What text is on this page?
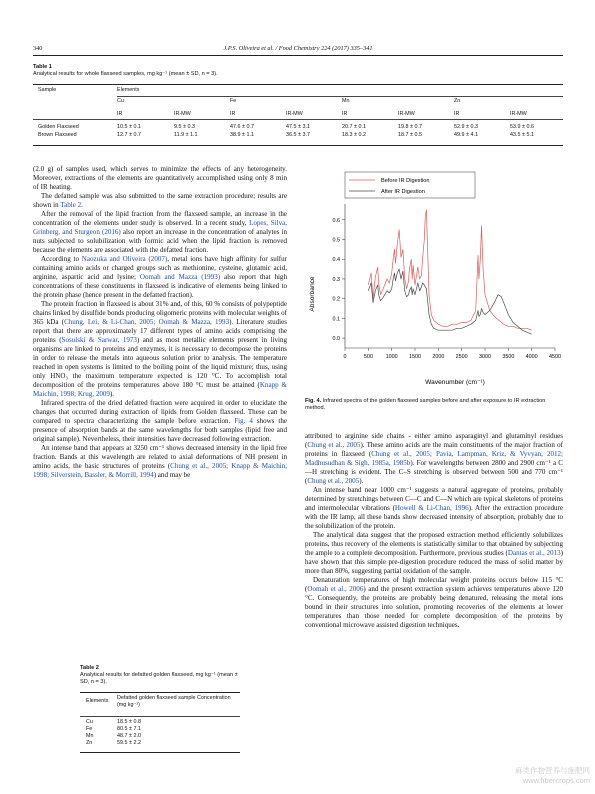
340	J.P.S. Oliveira et al. / Food Chemistry 224 (2017) 335–341
Table 1
Analytical results for whole flaxseed samples, mg kg⁻¹ (mean ± SD, n = 3).
Sample	Elements							
	Cu		Fe		Mn		Zn	
	IR	IR-MW	IR	IR-MW	IR	IR-MW	IR	IR-MW

Golden Flaxseed	10.5 ± 0.1	9.5 ± 0.3	47.6 ± 0.7	47.5 ± 3.1	20.7 ± 0.1	19.8 ± 0.7	52.9 ± 0.3	53.9 ± 0.6
Brown Flaxseed	12.7 ± 0.7	11.9 ± 1.1	38.9 ± 1.1	36.5 ± 3.7	18.3 ± 0.2	18.7 ± 0.5	49.9 ± 4.1	43.5 ± 5.1

(2.0 g) of samples used, which serves to minimize the effects of any heterogeneity. Moreover, extractions of the elements are quantitatively accomplished using only 8 min of IR heating.

The defatted sample was also submitted to the same extraction procedure; results are shown in Table 2.

After the removal of the lipid fraction from the flaxseed sample, an increase in the concentration of the elements under study is observed. In a recent study, Lopes, Silva, Grinberg, and Sturgeon (2016) also report an increase in the concentration of analytes in nuts subjected to solubilization with formic acid when the lipid fraction is removed because the elements are associated with the defatted fraction.

According to Naozuka and Oliveira (2007), metal ions have high affinity for sulfur containing amino acids or charged groups such as methionine, cysteine, glutamic acid, arginine, aspartic acid and lysine; Oomah and Mazza (1993) also report that high concentrations of these constituents in flaxseed is indicative of elements being linked to the protein phase (hence present in the defatted fraction).

The protein fraction in flaxseed is about 31% and, of this, 60 % consists of polypeptide chains linked by disulfide bonds producing oligomeric proteins with molecular weights of 365 kDa (Chung, Lei, & Li-Chan, 2005; Oomah & Mazza, 1993). Literature studies report that there are approximately 17 different types of amino acids comprising the proteins (Sosulski & Sarwar, 1973) and as most metallic elements present in living organisms are linked to proteins and enzymes, it is necessary to decompose the proteins in order to release the metals into aqueous solution prior to analysis. The temperature reached in open systems is limited to the boiling point of the liquid mixture; thus, using only HNO₃ the maximum temperature expected is 120 °C. To accomplish total decomposition of the proteins temperatures above 180 °C must be attained (Knapp & Maichin, 1998; Krug, 2009).

Infrared spectra of the dried defatted fraction were acquired in order to elucidate the changes that occurred during extraction of lipids from Golden flaxseed. These can be compared to spectra characterizing the sample before extraction. Fig. 4 shows the presence of absorption bands at the same wavelengths for both samples (lipid free and original sample). Nevertheless, their intensities have decreased following extraction.

An intense band that appears at 3250 cm⁻¹ shows decreased intensity in the lipid free fraction. Bands at this wavelength are related to axial deformations of NH present in amino acids, the basic structures of proteins (Chung et al., 2005; Knapp & Maichin, 1998; Silverstein, Bassler, & Morrill, 1994) and may be

Table 2
Analytical results for defatted golden flaxseed, mg kg⁻¹ (mean ± SD, n = 3).
Elements Defatted golden flaxseed sample Concentration (mg kg⁻¹)
Cu	18.5 ± 0.8
Fe	80.5 ± 7.1
Mn	48.7 ± 2.0
Zn	59.5 ± 2.2
Before IR Digestion
After IR Digestion
0.0
0.1
0.2
0.3
0.4
0.5
0.6
0	500 1000 1500 2000 2500 3000 3500 4000 4500
Absorbance
Wavenumber (cm⁻¹)
Fig. 4. Infrared spectra of the golden flaxseed samples before and after exposure to IR extraction method.

attributed to arginine side chains - either amino asparaginyl and glutaminyl residues (Chung et al., 2005). These amino acids are the main constituents of the major fraction of proteins in flaxseed (Chung et al., 2005; Pavia, Lampman, Kriz, & Vyvyan, 2012; Madhusudhan & Sigh, 1985a, 1985b). For wavelengths between 2800 and 2900 cm⁻¹ a C—H stretching is evident. The C–S stretching is observed between 500 and 770 cm⁻¹ (Chung et al., 2005).

An intense band near 1000 cm⁻¹ suggests a natural aggregate of proteins, probably determined by stretchings between C—C and C—N which are typical skeletons of proteins and intermolecular vibrations (Howell & Li-Chan, 1996). After the extraction procedure with the IR lamp, all these bands show decreased intensity of absorption, probably due to the solubilization of the protein.

The analytical data suggest that the proposed extraction method efficiently solubilizes proteins, thus recovery of the elements is statistically similar to that obtained by subjecting the ample to a complete decomposition. Furthermore, previous studies (Dantas et al., 2013) have shown that this simple pre-digestion procedure reduced the mass of solid matter by more than 80%, suggesting partial oxidation of the sample.

Denaturation temperatures of high molecular weight proteins occurs below 115 °C (Oomah et al., 2006) and the present extraction system achieves temperatures above 120 °C. Consequently, the proteins are probably being denatured, releasing the metal ions bound in their structures into solution, promoting recoveries of the elements at lower temperatures than those needed for complete decomposition of the proteins by conventional microwave assisted digestion techniques.

麻类作物营养与施肥网
www.fibercrops.com
